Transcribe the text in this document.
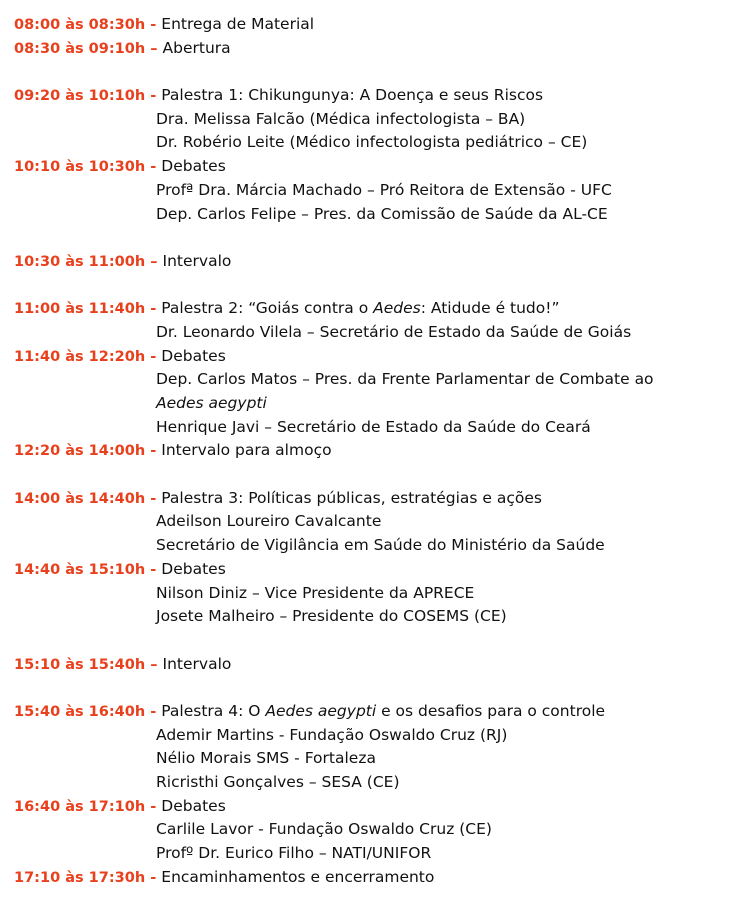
08:00 às 08:30h - Entrega de Material
08:30 às 09:10h – Abertura
09:20 às 10:10h - Palestra 1: Chikungunya: A Doença e seus Riscos
Dra. Melissa Falcão (Médica infectologista – BA)
Dr. Robério Leite (Médico infectologista pediátrico – CE)
10:10 às 10:30h - Debates
Profª Dra. Márcia Machado – Pró Reitora de Extensão - UFC
Dep. Carlos Felipe – Pres. da Comissão de Saúde da AL-CE
10:30 às 11:00h – Intervalo
11:00 às 11:40h - Palestra 2: “Goiás contra o Aedes: Atidude é tudo!”
Dr. Leonardo Vilela – Secretário de Estado da Saúde de Goiás
11:40 às 12:20h - Debates
Dep. Carlos Matos – Pres. da Frente Parlamentar de Combate ao
Aedes aegypti
Henrique Javi – Secretário de Estado da Saúde do Ceará
12:20 às 14:00h - Intervalo para almoço
14:00 às 14:40h - Palestra 3: Políticas públicas, estratégias e ações
Adeilson Loureiro Cavalcante
Secretário de Vigilância em Saúde do Ministério da Saúde
14:40 às 15:10h - Debates
Nilson Diniz – Vice Presidente da APRECE
Josete Malheiro – Presidente do COSEMS (CE)
15:10 às 15:40h – Intervalo
15:40 às 16:40h - Palestra 4: O Aedes aegypti e os desafios para o controle
Ademir Martins - Fundação Oswaldo Cruz (RJ)
Nélio Morais SMS - Fortaleza
Ricristhi Gonçalves – SESA (CE)
16:40 às 17:10h - Debates
Carlile Lavor - Fundação Oswaldo Cruz (CE)
Profº Dr. Eurico Filho – NATI/UNIFOR
17:10 às 17:30h - Encaminhamentos e encerramento
